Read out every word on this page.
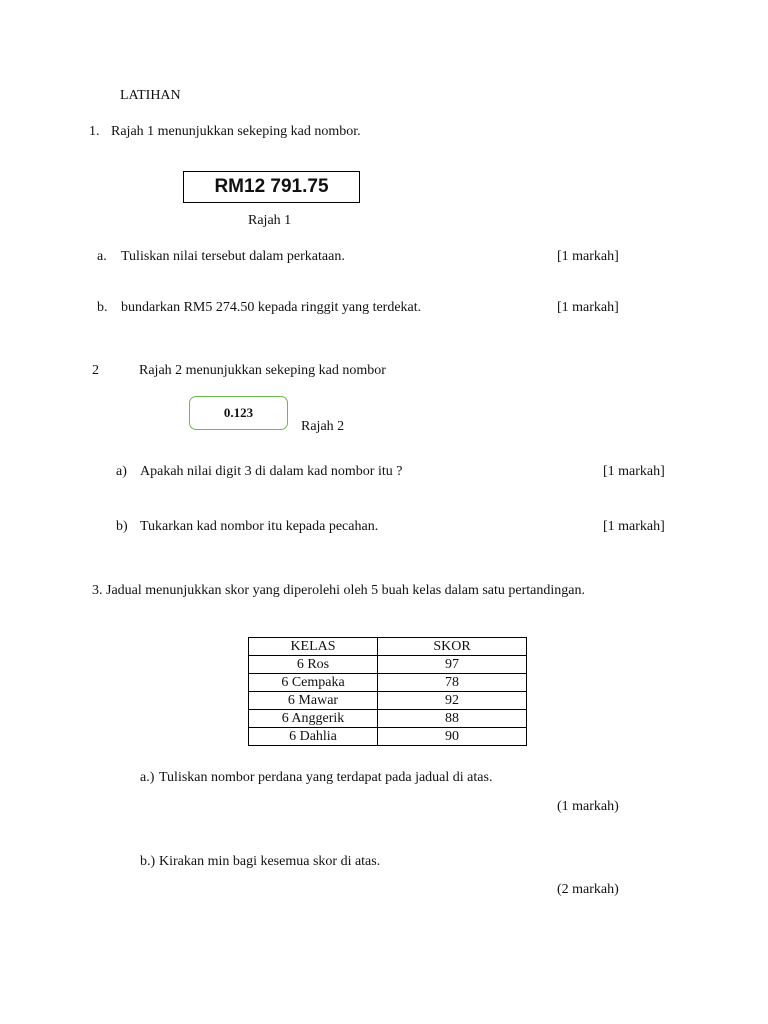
LATIHAN
1. Rajah 1 menunjukkan sekeping kad nombor.
RM12 791.75
Rajah 1
a. Tuliskan nilai tersebut dalam perkataan.	[1 markah]
b. bundarkan RM5 274.50 kepada ringgit yang terdekat.	[1 markah]
2	Rajah 2 menunjukkan sekeping kad nombor
0.123
Rajah 2
a) Apakah nilai digit 3 di dalam kad nombor itu ?	[1 markah]
b) Tukarkan kad nombor itu kepada pecahan.	[1 markah]
3. Jadual menunjukkan skor yang diperolehi oleh 5 buah kelas dalam satu pertandingan.
KELAS	SKOR
6 Ros	97
6 Cempaka	78
6 Mawar	92
6 Anggerik	88
6 Dahlia	90
a.) Tuliskan nombor perdana yang terdapat pada jadual di atas.
(1 markah)
b.) Kirakan min bagi kesemua skor di atas.
(2 markah)
